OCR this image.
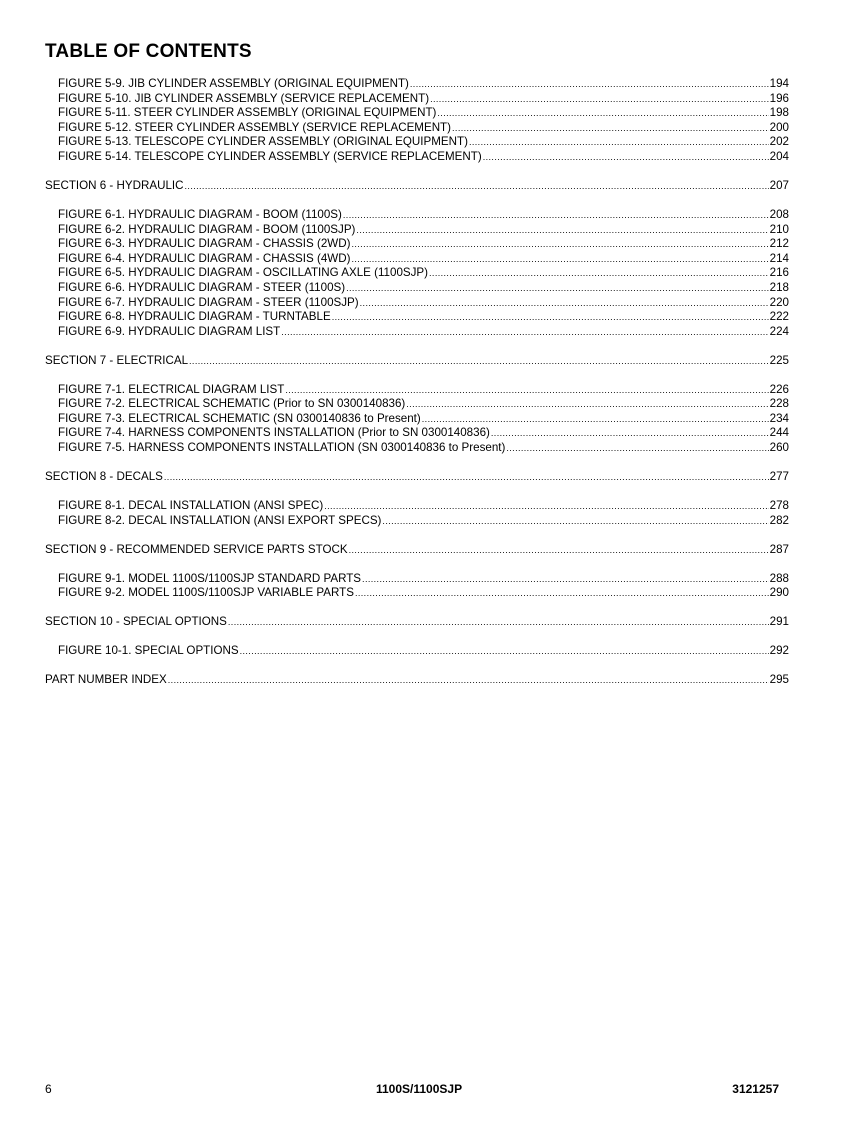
TABLE OF CONTENTS
FIGURE 5-9. JIB CYLINDER ASSEMBLY (ORIGINAL EQUIPMENT) .....	194
FIGURE 5-10. JIB CYLINDER ASSEMBLY (SERVICE REPLACEMENT) .....	196
FIGURE 5-11. STEER CYLINDER ASSEMBLY (ORIGINAL EQUIPMENT) .....	198
FIGURE 5-12. STEER CYLINDER ASSEMBLY (SERVICE REPLACEMENT) .....	200
FIGURE 5-13. TELESCOPE CYLINDER ASSEMBLY (ORIGINAL EQUIPMENT) .....	202
FIGURE 5-14. TELESCOPE CYLINDER ASSEMBLY (SERVICE REPLACEMENT) .....	204
SECTION 6 - HYDRAULIC .....	207
FIGURE 6-1. HYDRAULIC DIAGRAM - BOOM (1100S) .....	208
FIGURE 6-2. HYDRAULIC DIAGRAM - BOOM (1100SJP) .....	210
FIGURE 6-3. HYDRAULIC DIAGRAM - CHASSIS (2WD) .....	212
FIGURE 6-4. HYDRAULIC DIAGRAM - CHASSIS (4WD) .....	214
FIGURE 6-5. HYDRAULIC DIAGRAM - OSCILLATING AXLE (1100SJP) .....	216
FIGURE 6-6. HYDRAULIC DIAGRAM - STEER (1100S) .....	218
FIGURE 6-7. HYDRAULIC DIAGRAM - STEER (1100SJP) .....	220
FIGURE 6-8. HYDRAULIC DIAGRAM - TURNTABLE .....	222
FIGURE 6-9. HYDRAULIC DIAGRAM LIST .....	224
SECTION 7 - ELECTRICAL .....	225
FIGURE 7-1. ELECTRICAL DIAGRAM LIST .....	226
FIGURE 7-2. ELECTRICAL SCHEMATIC (Prior to SN 0300140836) .....	228
FIGURE 7-3. ELECTRICAL SCHEMATIC (SN 0300140836 to Present) .....	234
FIGURE 7-4. HARNESS COMPONENTS INSTALLATION (Prior to SN 0300140836) .....	244
FIGURE 7-5. HARNESS COMPONENTS INSTALLATION (SN 0300140836 to Present) .....	260
SECTION 8 - DECALS .....	277
FIGURE 8-1. DECAL INSTALLATION (ANSI SPEC) .....	278
FIGURE 8-2. DECAL INSTALLATION (ANSI EXPORT SPECS) .....	282
SECTION 9 - RECOMMENDED SERVICE PARTS STOCK .....	287
FIGURE 9-1. MODEL 1100S/1100SJP STANDARD PARTS .....	288
FIGURE 9-2. MODEL 1100S/1100SJP VARIABLE PARTS .....	290
SECTION 10 - SPECIAL OPTIONS .....	291
FIGURE 10-1. SPECIAL OPTIONS .....	292
PART NUMBER INDEX .....	295
6	1100S/1100SJP	3121257
